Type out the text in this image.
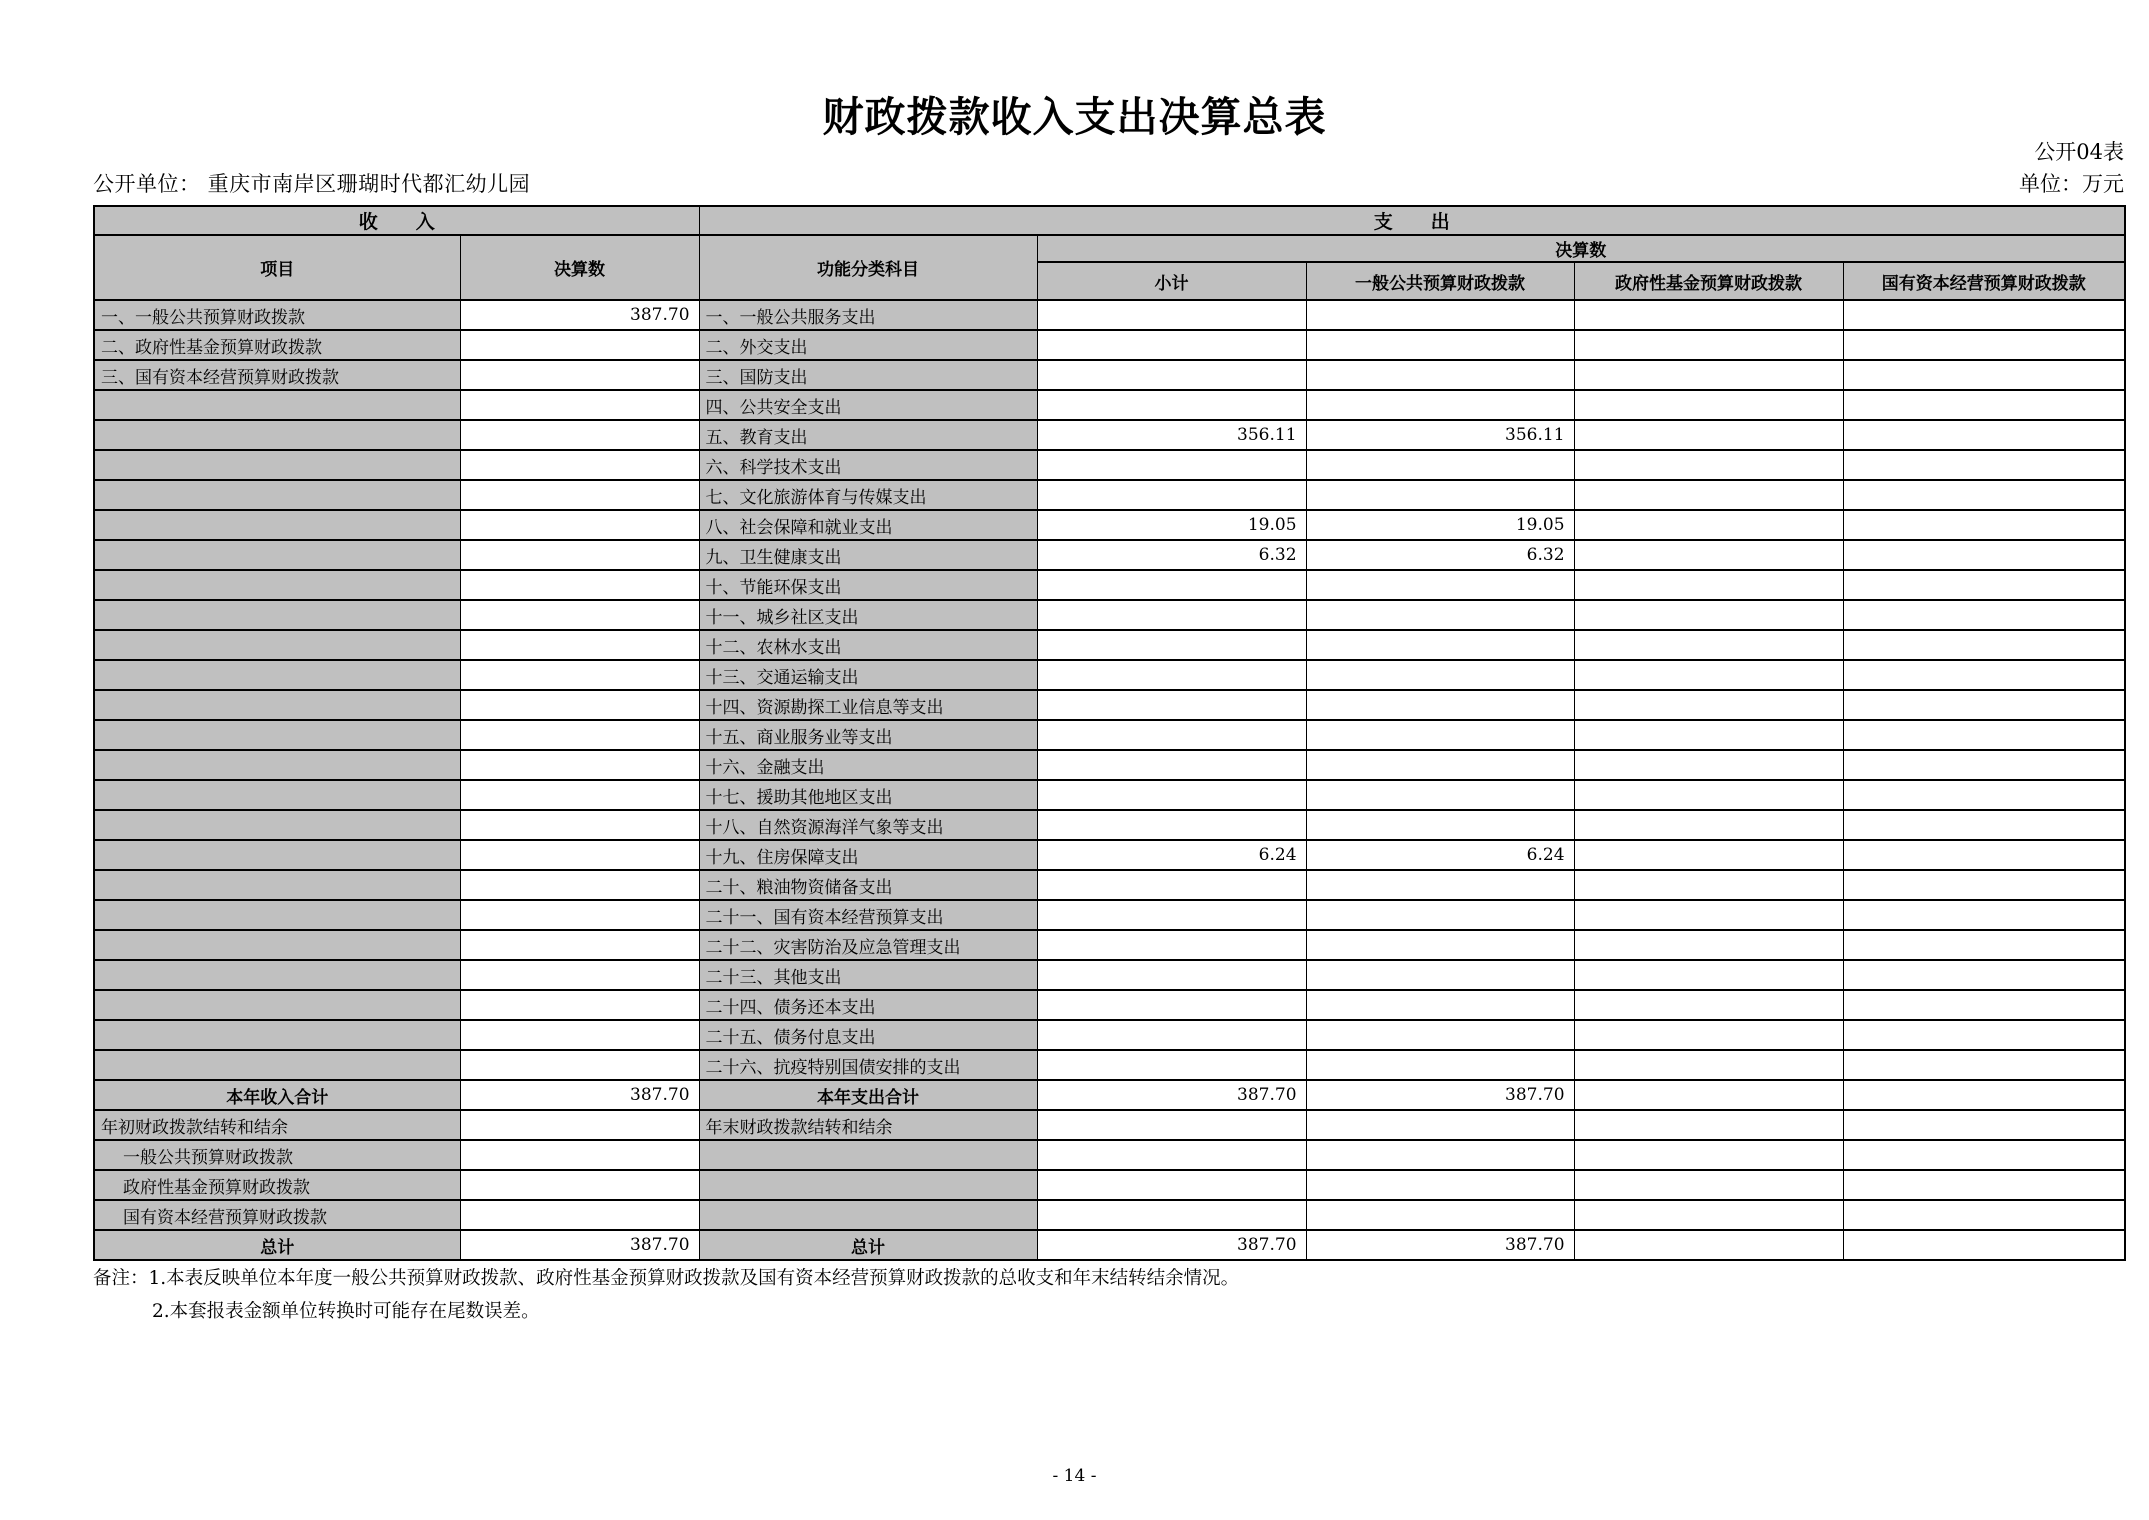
财政拨款收入支出决算总表
公开04表
公开单位： 重庆市南岸区珊瑚时代都汇幼儿园	单位：万元
收　　入		支　　出				
项目	决算数	功能分类科目	决算数			
			小计	一般公共预算财政拨款	政府性基金预算财政拨款	国有资本经营预算财政拨款
一、一般公共预算财政拨款	387.70	一、一般公共服务支出				
二、政府性基金预算财政拨款		二、外交支出				
三、国有资本经营预算财政拨款		三、国防支出				
		四、公共安全支出				
		五、教育支出	356.11	356.11		
		六、科学技术支出				
		七、文化旅游体育与传媒支出				
		八、社会保障和就业支出	19.05	19.05		
		九、卫生健康支出	6.32	6.32		
		十、节能环保支出				
		十一、城乡社区支出				
		十二、农林水支出				
		十三、交通运输支出				
		十四、资源勘探工业信息等支出				
		十五、商业服务业等支出				
		十六、金融支出				
		十七、援助其他地区支出				
		十八、自然资源海洋气象等支出				
		十九、住房保障支出	6.24	6.24		
		二十、粮油物资储备支出				
		二十一、国有资本经营预算支出				
		二十二、灾害防治及应急管理支出				
		二十三、其他支出				
		二十四、债务还本支出				
		二十五、债务付息支出				
		二十六、抗疫特别国债安排的支出				
本年收入合计	387.70	本年支出合计	387.70	387.70		
年初财政拨款结转和结余		年末财政拨款结转和结余				
一般公共预算财政拨款						
政府性基金预算财政拨款						
国有资本经营预算财政拨款						
总计	387.70	总计	387.70	387.70		
备注：1.本表反映单位本年度一般公共预算财政拨款、政府性基金预算财政拨款及国有资本经营预算财政拨款的总收支和年末结转结余情况。
2.本套报表金额单位转换时可能存在尾数误差。
- 14 -
